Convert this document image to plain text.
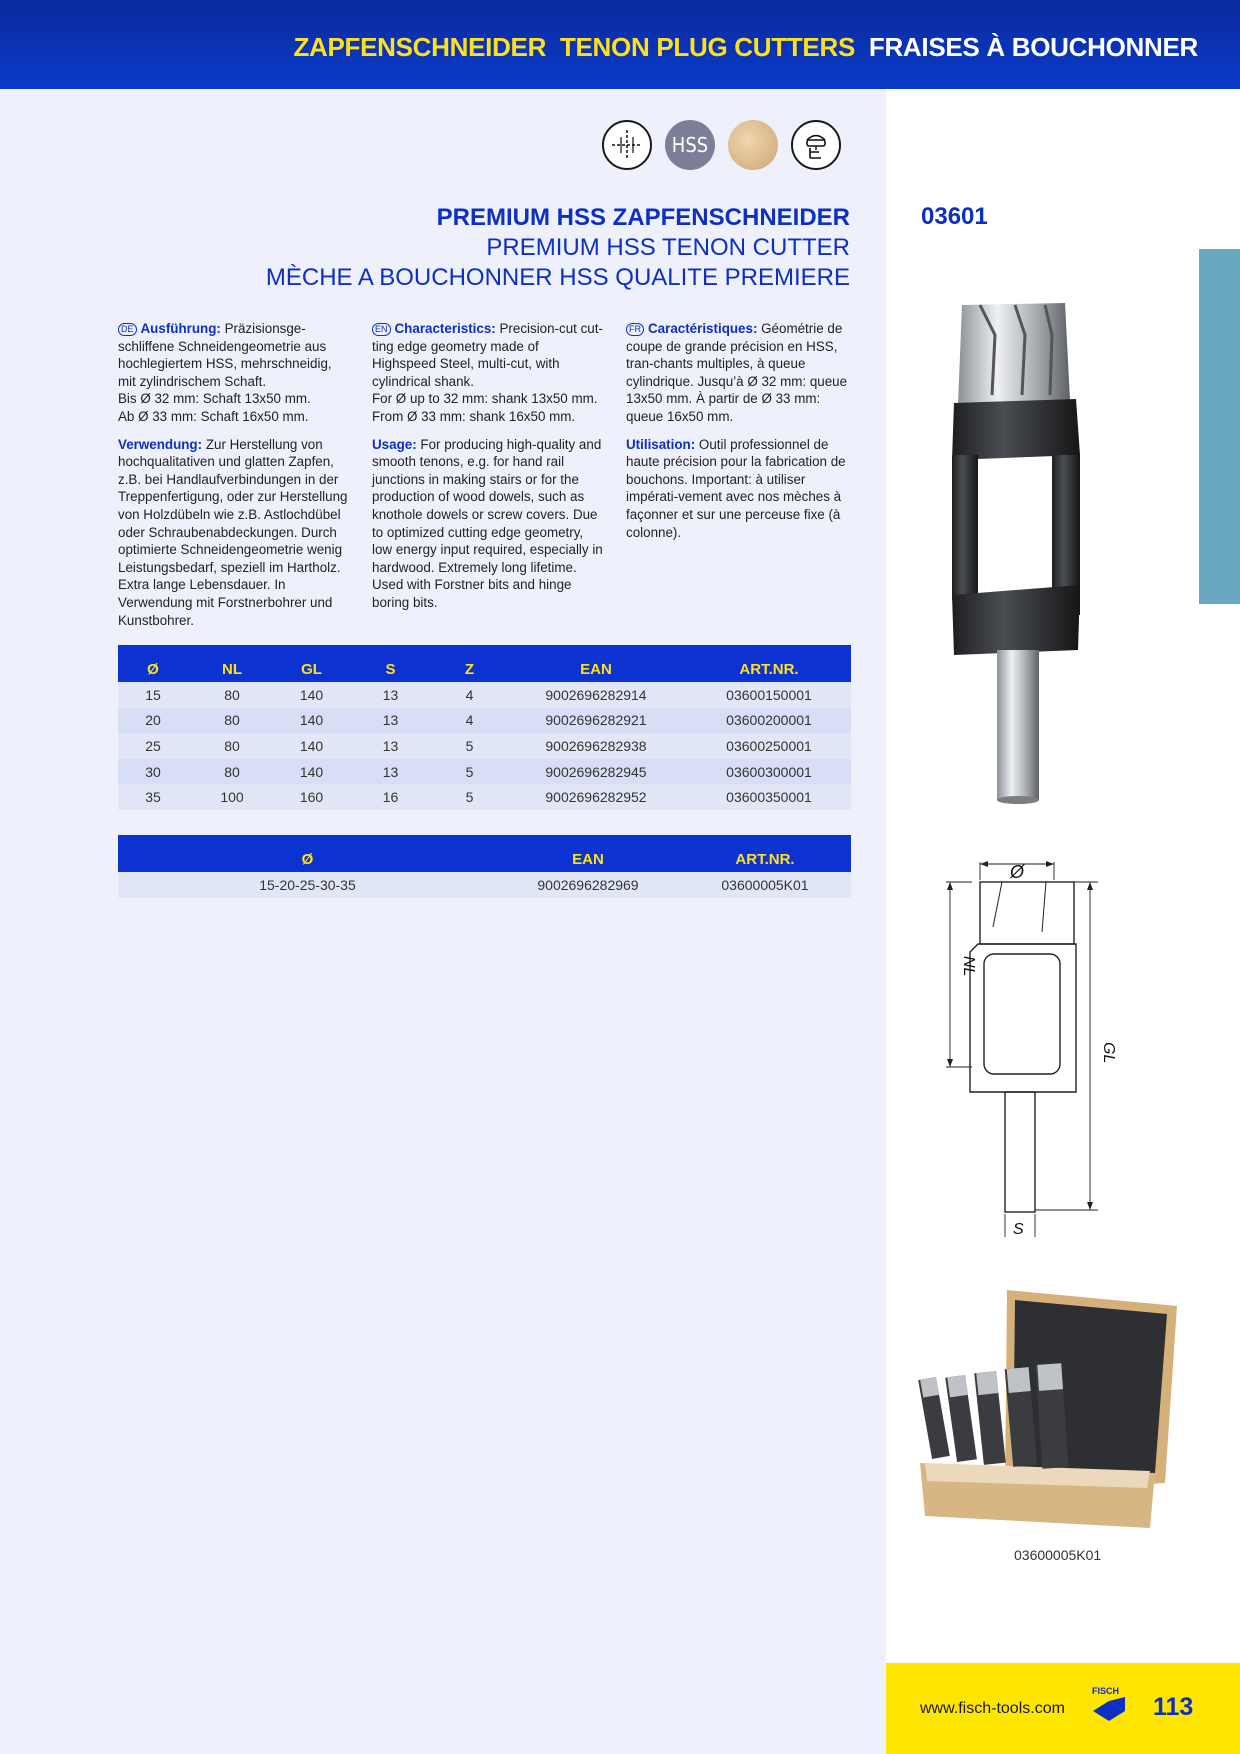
ZAPFENSCHNEIDER TENON PLUG CUTTERS FRAISES À BOUCHONNER
HSS
PREMIUM HSS ZAPFENSCHNEIDER
PREMIUM HSS TENON CUTTER
MÈCHE A BOUCHONNER HSS QUALITE PREMIERE
03601

DE Ausführung: Präzisionsge-schliffene Schneidengeometrie aus hochlegiertem HSS, mehrschneidig, mit zylindrischem Schaft.
Bis Ø 32 mm: Schaft 13x50 mm.
Ab Ø 33 mm: Schaft 16x50 mm.

Verwendung: Zur Herstellung von hochqualitativen und glatten Zapfen, z.B. bei Handlaufverbindungen in der Treppenfertigung, oder zur Herstellung von Holzdübeln wie z.B. Astlochdübel oder Schraubenabdeckungen. Durch optimierte Schneidengeometrie wenig Leistungsbedarf, speziell im Hartholz. Extra lange Lebensdauer. In Verwendung mit Forstnerbohrer und Kunstbohrer.

EN Characteristics: Precision-cut cut-ting edge geometry made of Highspeed Steel, multi-cut, with cylindrical shank.
For Ø up to 32 mm: shank 13x50 mm.
From Ø 33 mm: shank 16x50 mm.

Usage: For producing high-quality and smooth tenons, e.g. for hand rail junctions in making stairs or for the production of wood dowels, such as knothole dowels or screw covers. Due to optimized cutting edge geometry, low energy input required, especially in hardwood. Extremely long lifetime. Used with Forstner bits and hinge boring bits.

FR Caractéristiques: Géométrie de coupe de grande précision en HSS, tran-chants multiples, à queue cylindrique. Jusqu’à Ø 32 mm: queue 13x50 mm. À partir de Ø 33 mm: queue 16x50 mm.

Utilisation: Outil professionnel de haute précision pour la fabrication de bouchons. Important: à utiliser impérati-vement avec nos mèches à façonner et sur une perceuse fixe (à colonne).

Ø	NL	GL	S	Z	EAN	ART.NR.
15	80	140	13	4	9002696282914	03600150001
20	80	140	13	4	9002696282921	03600200001
25	80	140	13	5	9002696282938	03600250001
30	80	140	13	5	9002696282945	03600300001
35	100	160	16	5	9002696282952	03600350001
Ø	EAN	ART.NR.
15-20-25-30-35	9002696282969	03600005K01
Ø
NL
GL
S
03600005K01
www.fisch-tools.com
FISCH
113
